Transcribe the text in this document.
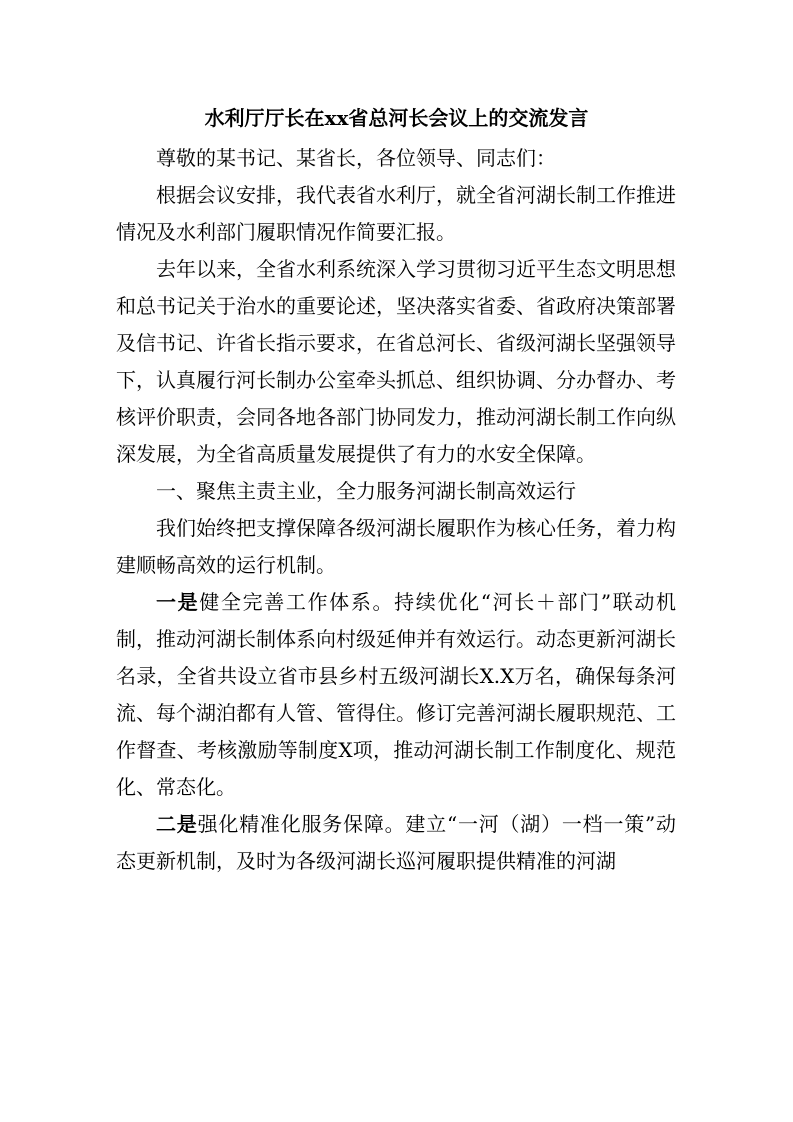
水利厅厅长在xx省总河长会议上的交流发言

尊敬的某书记、某省长，各位领导、同志们：

根据会议安排，我代表省水利厅，就全省河湖长制工作推进情况及水利部门履职情况作简要汇报。

去年以来，全省水利系统深入学习贯彻习近平生态文明思想和总书记关于治水的重要论述，坚决落实省委、省政府决策部署及信书记、许省长指示要求，在省总河长、省级河湖长坚强领导下，认真履行河长制办公室牵头抓总、组织协调、分办督办、考核评价职责，会同各地各部门协同发力，推动河湖长制工作向纵深发展，为全省高质量发展提供了有力的水安全保障。

一、聚焦主责主业，全力服务河湖长制高效运行

我们始终把支撑保障各级河湖长履职作为核心任务，着力构建顺畅高效的运行机制。

一是健全完善工作体系。持续优化“河长＋部门”联动机制，推动河湖长制体系向村级延伸并有效运行。动态更新河湖长名录，全省共设立省市县乡村五级河湖长X.X万名，确保每条河流、每个湖泊都有人管、管得住。修订完善河湖长履职规范、工作督查、考核激励等制度X项，推动河湖长制工作制度化、规范化、常态化。

二是强化精准化服务保障。建立“一河（湖）一档一策”动态更新机制，及时为各级河湖长巡河履职提供精准的河湖
